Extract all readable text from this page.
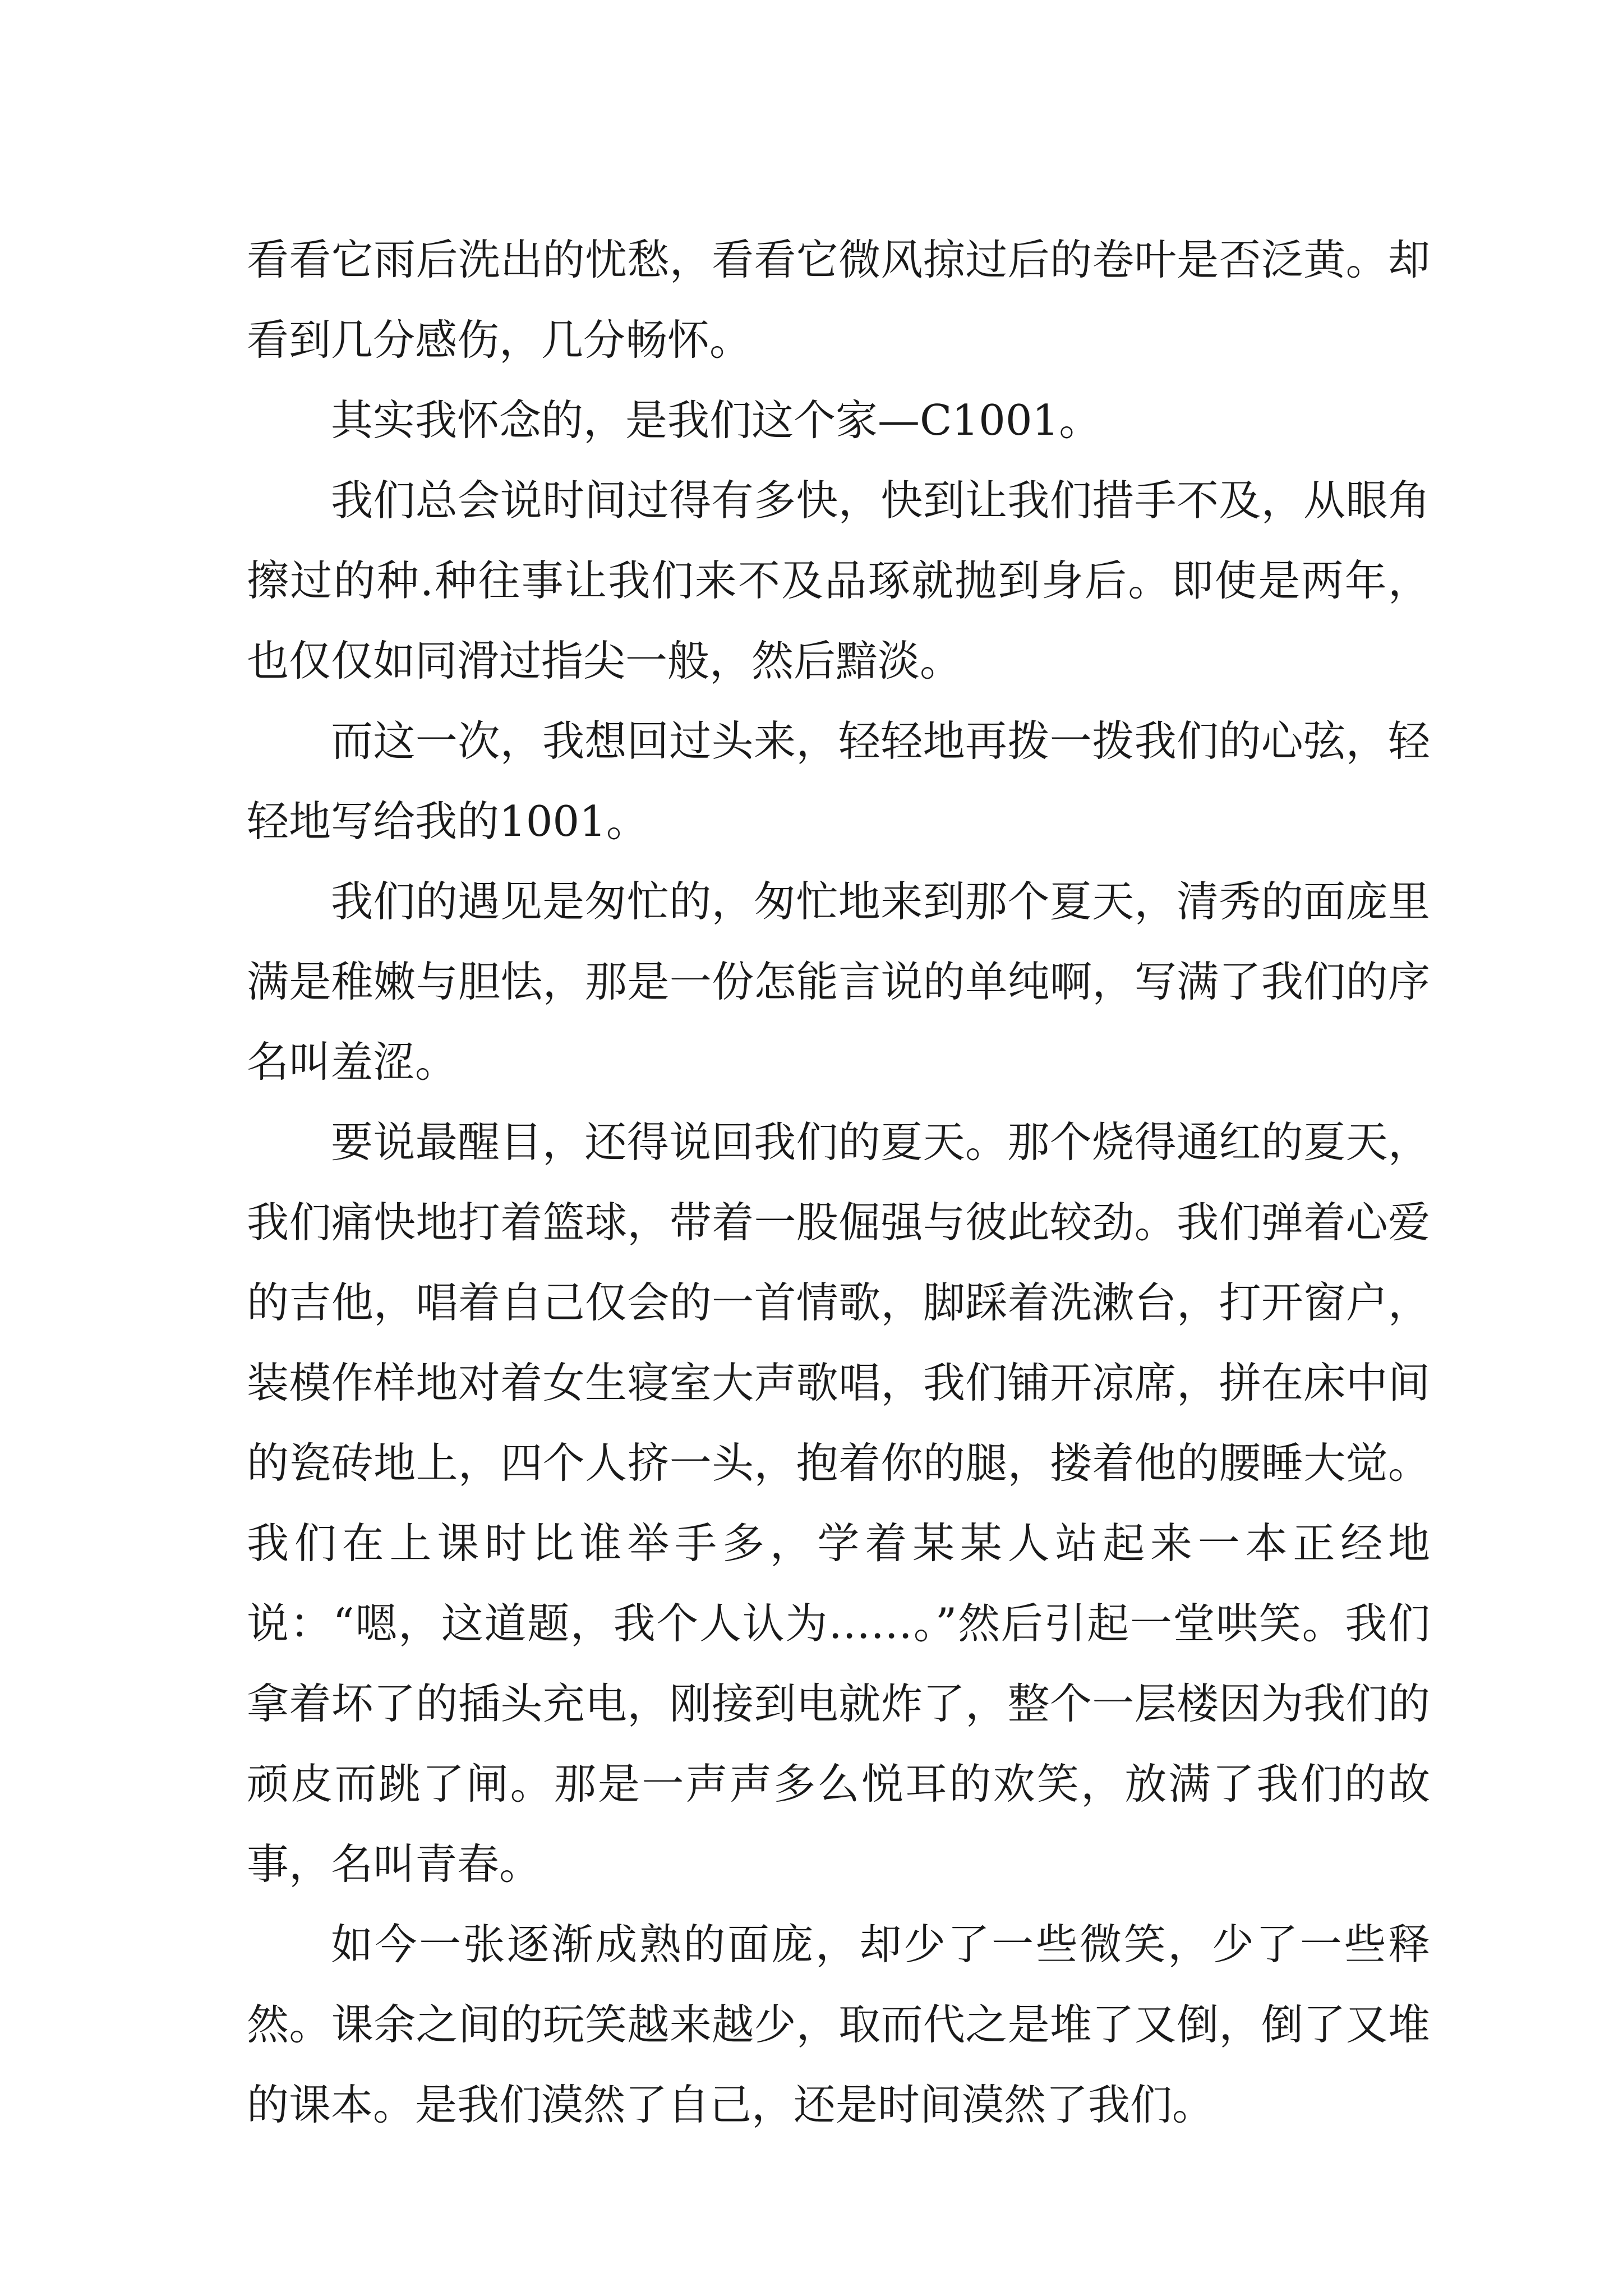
看看它雨后洗出的忧愁，看看它微风掠过后的卷叶是否泛黄。却看到几分感伤，几分畅怀。

其实我怀念的，是我们这个家—C1001。

我们总会说时间过得有多快，快到让我们措手不及，从眼角擦过的种.种往事让我们来不及品琢就抛到身后。即使是两年，也仅仅如同滑过指尖一般，然后黯淡。

而这一次，我想回过头来，轻轻地再拨一拨我们的心弦，轻轻地写给我的1001。

我们的遇见是匆忙的，匆忙地来到那个夏天，清秀的面庞里满是稚嫩与胆怯，那是一份怎能言说的单纯啊，写满了我们的序名叫羞涩。

要说最醒目，还得说回我们的夏天。那个烧得通红的夏天，我们痛快地打着篮球，带着一股倔强与彼此较劲。我们弹着心爱的吉他，唱着自己仅会的一首情歌，脚踩着洗漱台，打开窗户，装模作样地对着女生寝室大声歌唱，我们铺开凉席，拼在床中间的瓷砖地上，四个人挤一头，抱着你的腿，搂着他的腰睡大觉。我们在上课时比谁举手多，学着某某人站起来一本正经地说：“嗯，这道题，我个人认为……。”然后引起一堂哄笑。我们拿着坏了的插头充电，刚接到电就炸了，整个一层楼因为我们的顽皮而跳了闸。那是一声声多么悦耳的欢笑，放满了我们的故事，名叫青春。

如今一张逐渐成熟的面庞，却少了一些微笑，少了一些释然。课余之间的玩笑越来越少，取而代之是堆了又倒，倒了又堆的课本。是我们漠然了自己，还是时间漠然了我们。
